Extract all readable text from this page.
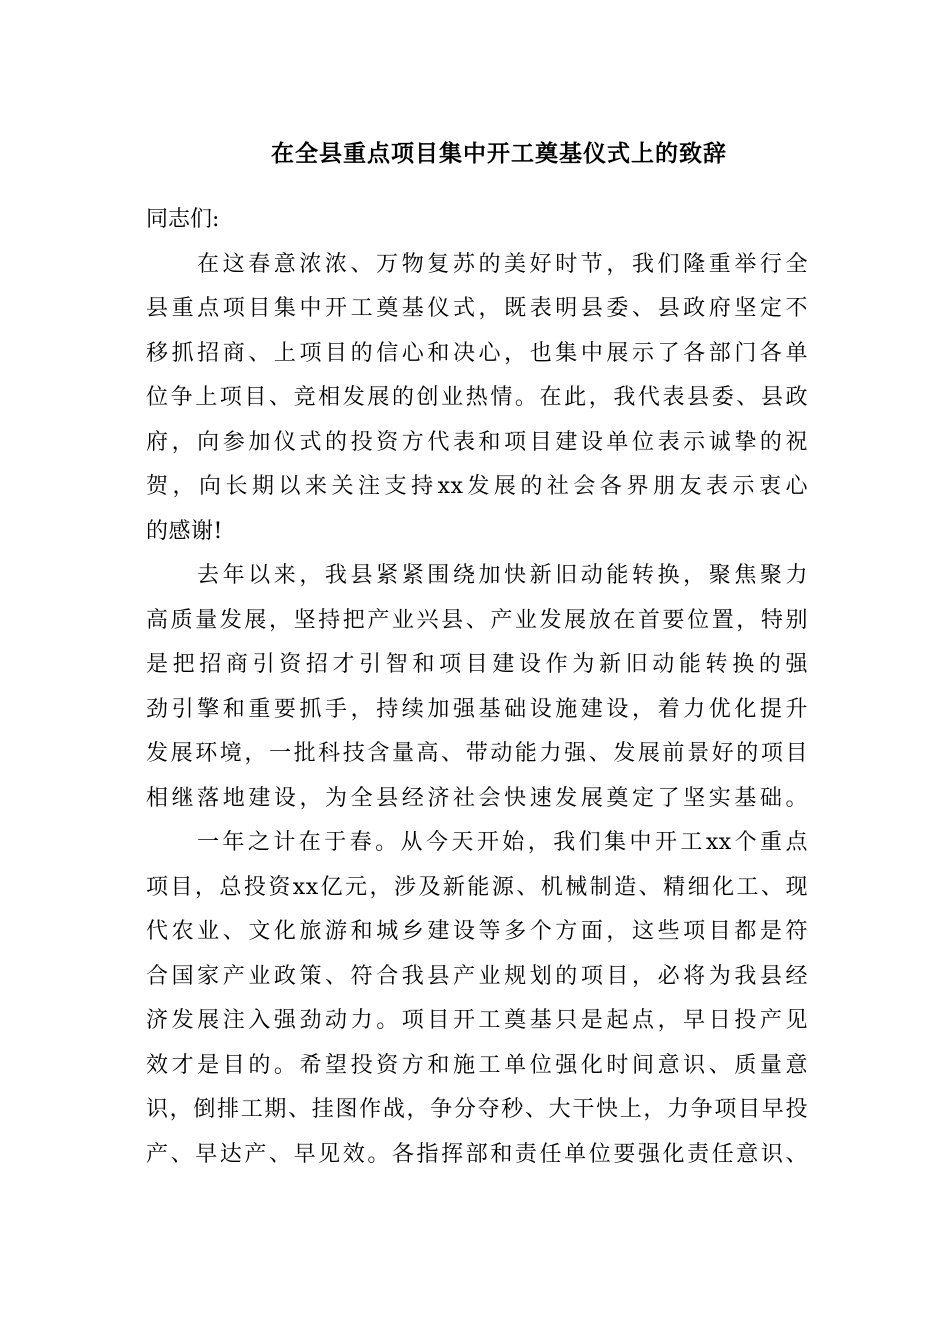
在全县重点项目集中开工奠基仪式上的致辞

同志们:

在这春意浓浓、万物复苏的美好时节，我们隆重举行全
县重点项目集中开工奠基仪式，既表明县委、县政府坚定不
移抓招商、上项目的信心和决心，也集中展示了各部门各单
位争上项目、竞相发展的创业热情。在此，我代表县委、县政
府，向参加仪式的投资方代表和项目建设单位表示诚挚的祝
贺，向长期以来关注支持xx发展的社会各界朋友表示衷心
的感谢!

去年以来，我县紧紧围绕加快新旧动能转换，聚焦聚力
高质量发展，坚持把产业兴县、产业发展放在首要位置，特别
是把招商引资招才引智和项目建设作为新旧动能转换的强
劲引擎和重要抓手，持续加强基础设施建设，着力优化提升
发展环境，一批科技含量高、带动能力强、发展前景好的项目
相继落地建设，为全县经济社会快速发展奠定了坚实基础。

一年之计在于春。从今天开始，我们集中开工xx个重点
项目，总投资xx亿元，涉及新能源、机械制造、精细化工、现
代农业、文化旅游和城乡建设等多个方面，这些项目都是符
合国家产业政策、符合我县产业规划的项目，必将为我县经
济发展注入强劲动力。项目开工奠基只是起点，早日投产见
效才是目的。希望投资方和施工单位强化时间意识、质量意
识，倒排工期、挂图作战，争分夺秒、大干快上，力争项目早投
产、早达产、早见效。各指挥部和责任单位要强化责任意识、
